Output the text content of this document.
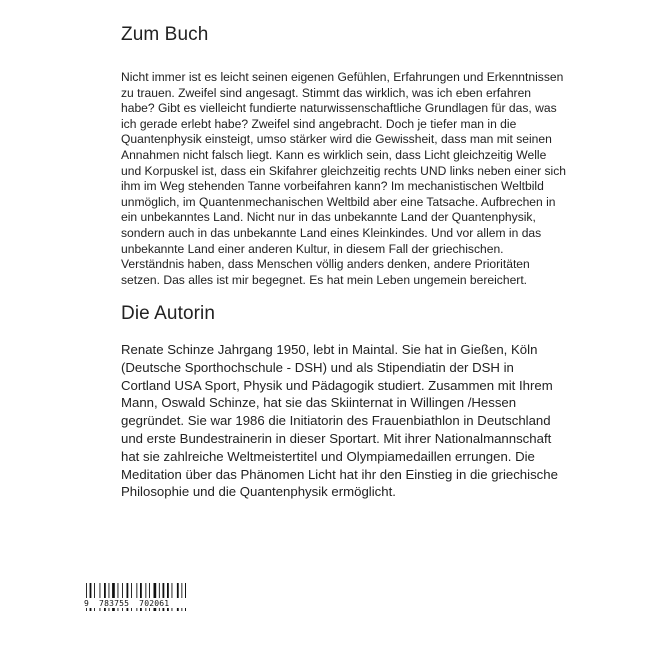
Zum Buch

Nicht immer ist es leicht seinen eigenen Gefühlen, Erfahrungen und Erkenntnissen zu trauen. Zweifel sind angesagt. Stimmt das wirklich, was ich eben erfahren habe? Gibt es vielleicht fundierte naturwissenschaftliche Grundlagen für das, was ich gerade erlebt habe? Zweifel sind angebracht. Doch je tiefer man in die Quantenphysik einsteigt, umso stärker wird die Gewissheit, dass man mit seinen Annahmen nicht falsch liegt. Kann es wirklich sein, dass Licht gleichzeitig Welle und Korpuskel ist, dass ein Skifahrer gleichzeitig rechts UND links neben einer sich ihm im Weg stehenden Tanne vorbeifahren kann? Im mechanistischen Weltbild unmöglich, im Quantenmechanischen Weltbild aber eine Tatsache. Aufbrechen in ein unbekanntes Land. Nicht nur in das unbekannte Land der Quantenphysik, sondern auch in das unbekannte Land eines Kleinkindes. Und vor allem in das unbekannte Land einer anderen Kultur, in diesem Fall der griechischen. Verständnis haben, dass Menschen völlig anders denken, andere Prioritäten setzen. Das alles ist mir begegnet. Es hat mein Leben ungemein bereichert.

Die Autorin

Renate Schinze Jahrgang 1950, lebt in Maintal. Sie hat in Gießen, Köln (Deutsche Sporthochschule - DSH) und als Stipendiatin der DSH in Cortland USA Sport, Physik und Pädagogik studiert. Zusammen mit Ihrem Mann, Oswald Schinze, hat sie das Skiinternat in Willingen /Hessen gegründet. Sie war 1986 die Initiatorin des Frauenbiathlon in Deutschland und erste Bundestrainerin in dieser Sportart. Mit ihrer Nationalmannschaft hat sie zahlreiche Weltmeistertitel und Olympiamedaillen errungen. Die Meditation über das Phänomen Licht hat ihr den Einstieg in die griechische Philosophie und die Quantenphysik ermöglicht.

9  783755  702061
